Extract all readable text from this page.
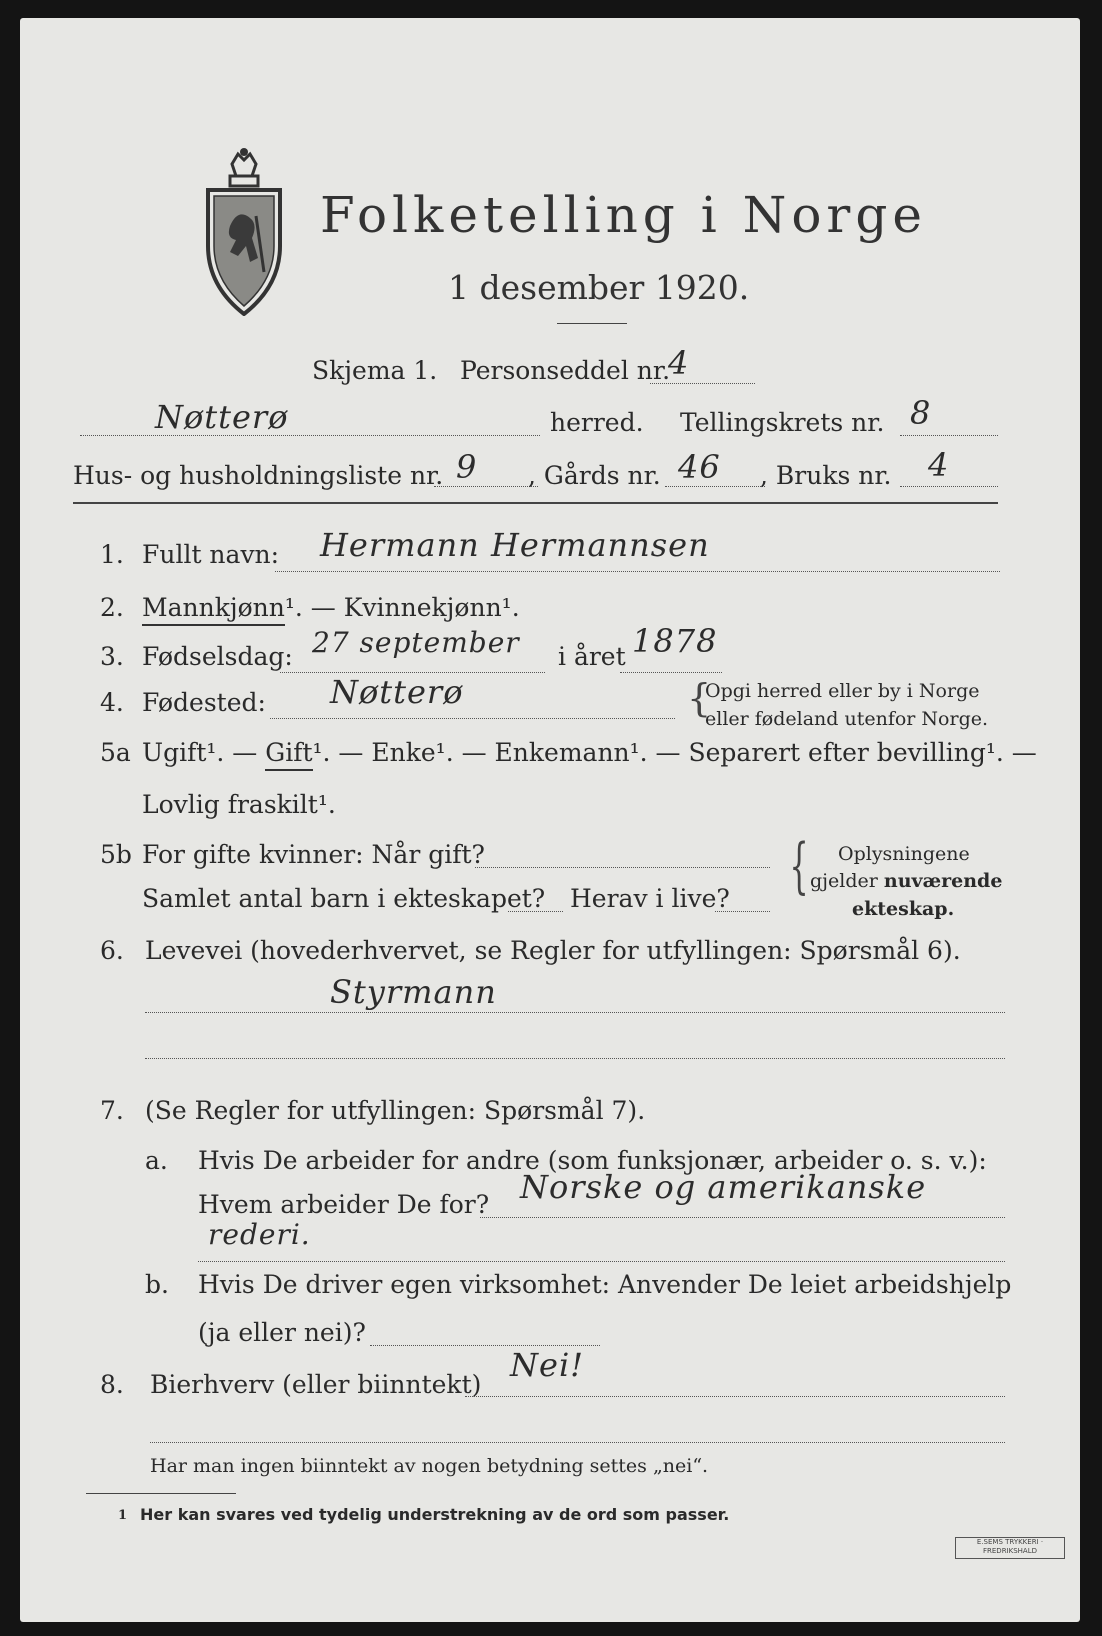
Folketelling i Norge
1 desember 1920.
Skjema 1. Personseddel nr.
4
Nøtterø	herred. Tellingskrets nr. 8
Hus- og husholdningsliste nr. 9 , Gårds nr. 46 , Bruks nr. 4
1. Fullt navn: Hermann Hermannsen
2. Mannkjønn¹. — Kvinnekjønn¹.
3. Fødselsdag: 27 september i året 1878
4. Fødested: Nøtterø	{
Opgi herred eller by i Norge
eller fødeland utenfor Norge.
5a Ugift¹. — Gift¹. — Enke¹. — Enkemann¹. — Separert efter bevilling¹. —
Lovlig fraskilt¹.
5b For gifte kvinner: Når gift?
Samlet antal barn i ekteskapet? Herav i live? { Oplysningene
gjelder nuværende
ekteskap.
6. Levevei (hovederhvervet, se Regler for utfyllingen: Spørsmål 6).
Styrmann
7. (Se Regler for utfyllingen: Spørsmål 7).
a. Hvis De arbeider for andre (som funksjonær, arbeider o. s. v.):
Hvem arbeider De for? Norske og amerikanske
rederi.
b. Hvis De driver egen virksomhet: Anvender De leiet arbeidshjelp
(ja eller nei)?
8. Bierhverv (eller biinntekt)
Nei!
Har man ingen biinntekt av nogen betydning settes „nei“.
1 Her kan svares ved tydelig understrekning av de ord som passer.
E.SEMS TRYKKERI · FREDRIKSHALD
